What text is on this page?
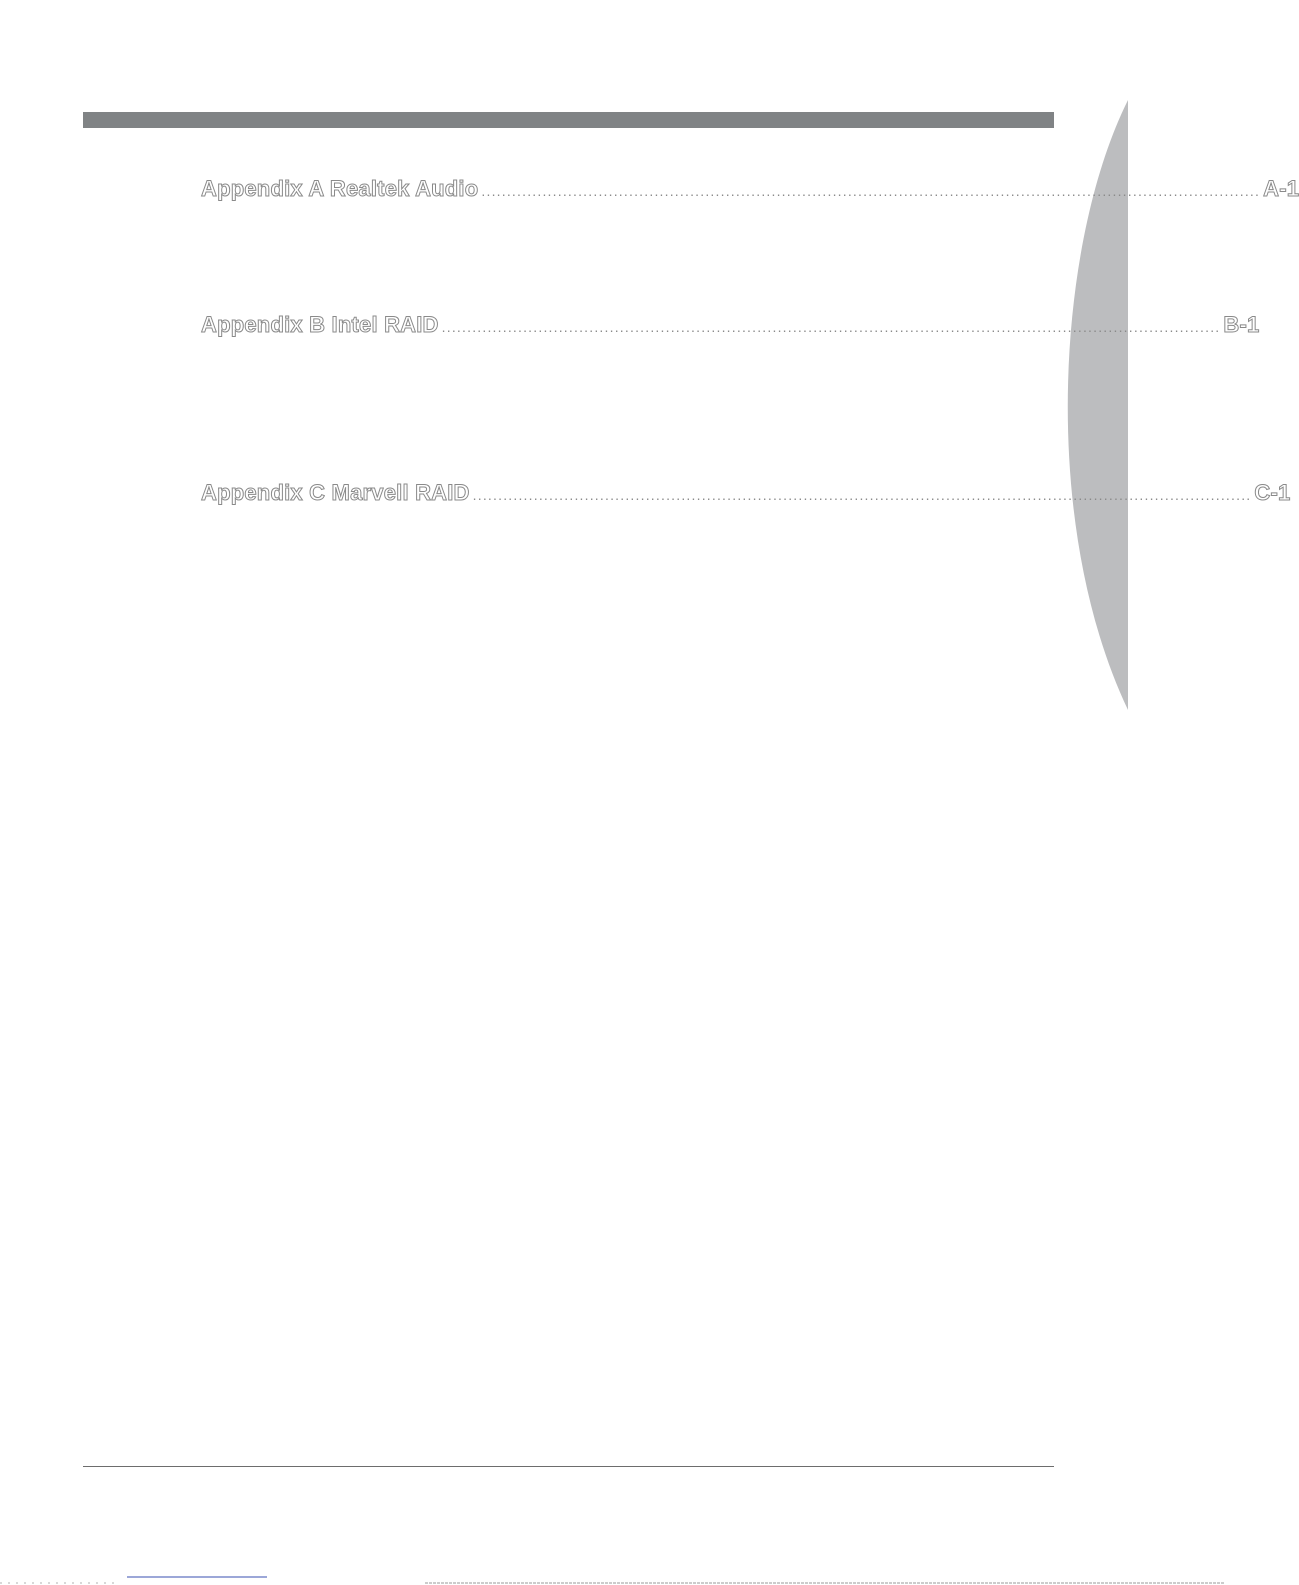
Appendix A Realtek Audio ......................................................................................................................................................... A-1
Appendix B Intel RAID ......................................................................................................................................................... B-1
Appendix C Marvell RAID ......................................................................................................................................................... C-1
